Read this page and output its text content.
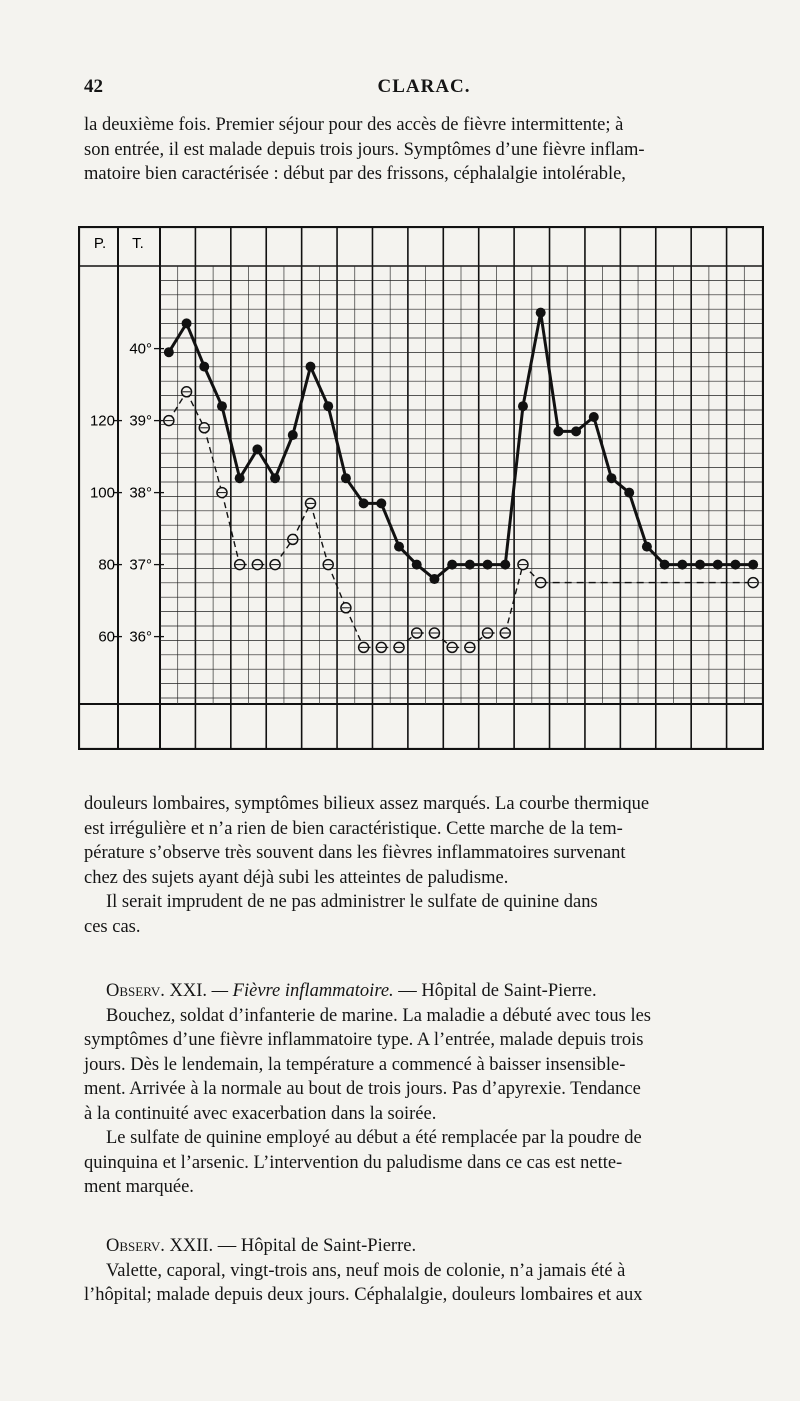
42	CLARAC.
la deuxième fois. Premier séjour pour des accès de fièvre intermittente; à
son entrée, il est malade depuis trois jours. Symptômes d’une fièvre inflam-
matoire bien caractérisée : début par des frissons, céphalalgie intolérable,
P. T.
40°
39°
38°
37°
36°
120
100
80
60
douleurs lombaires, symptômes bilieux assez marqués. La courbe thermique
est irrégulière et n’a rien de bien caractéristique. Cette marche de la tem-
pérature s’observe très souvent dans les fièvres inflammatoires survenant
chez des sujets ayant déjà subi les atteintes de paludisme.
Il serait imprudent de ne pas administrer le sulfate de quinine dans
ces cas.
Observ. XXI. — Fièvre inflammatoire. — Hôpital de Saint-Pierre.
Bouchez, soldat d’infanterie de marine. La maladie a débuté avec tous les
symptômes d’une fièvre inflammatoire type. A l’entrée, malade depuis trois
jours. Dès le lendemain, la température a commencé à baisser insensible-
ment. Arrivée à la normale au bout de trois jours. Pas d’apyrexie. Tendance
à la continuité avec exacerbation dans la soirée.
Le sulfate de quinine employé au début a été remplacée par la poudre de
quinquina et l’arsenic. L’intervention du paludisme dans ce cas est nette-
ment marquée.
Observ. XXII. — Hôpital de Saint-Pierre.
Valette, caporal, vingt-trois ans, neuf mois de colonie, n’a jamais été à
l’hôpital; malade depuis deux jours. Céphalalgie, douleurs lombaires et aux
